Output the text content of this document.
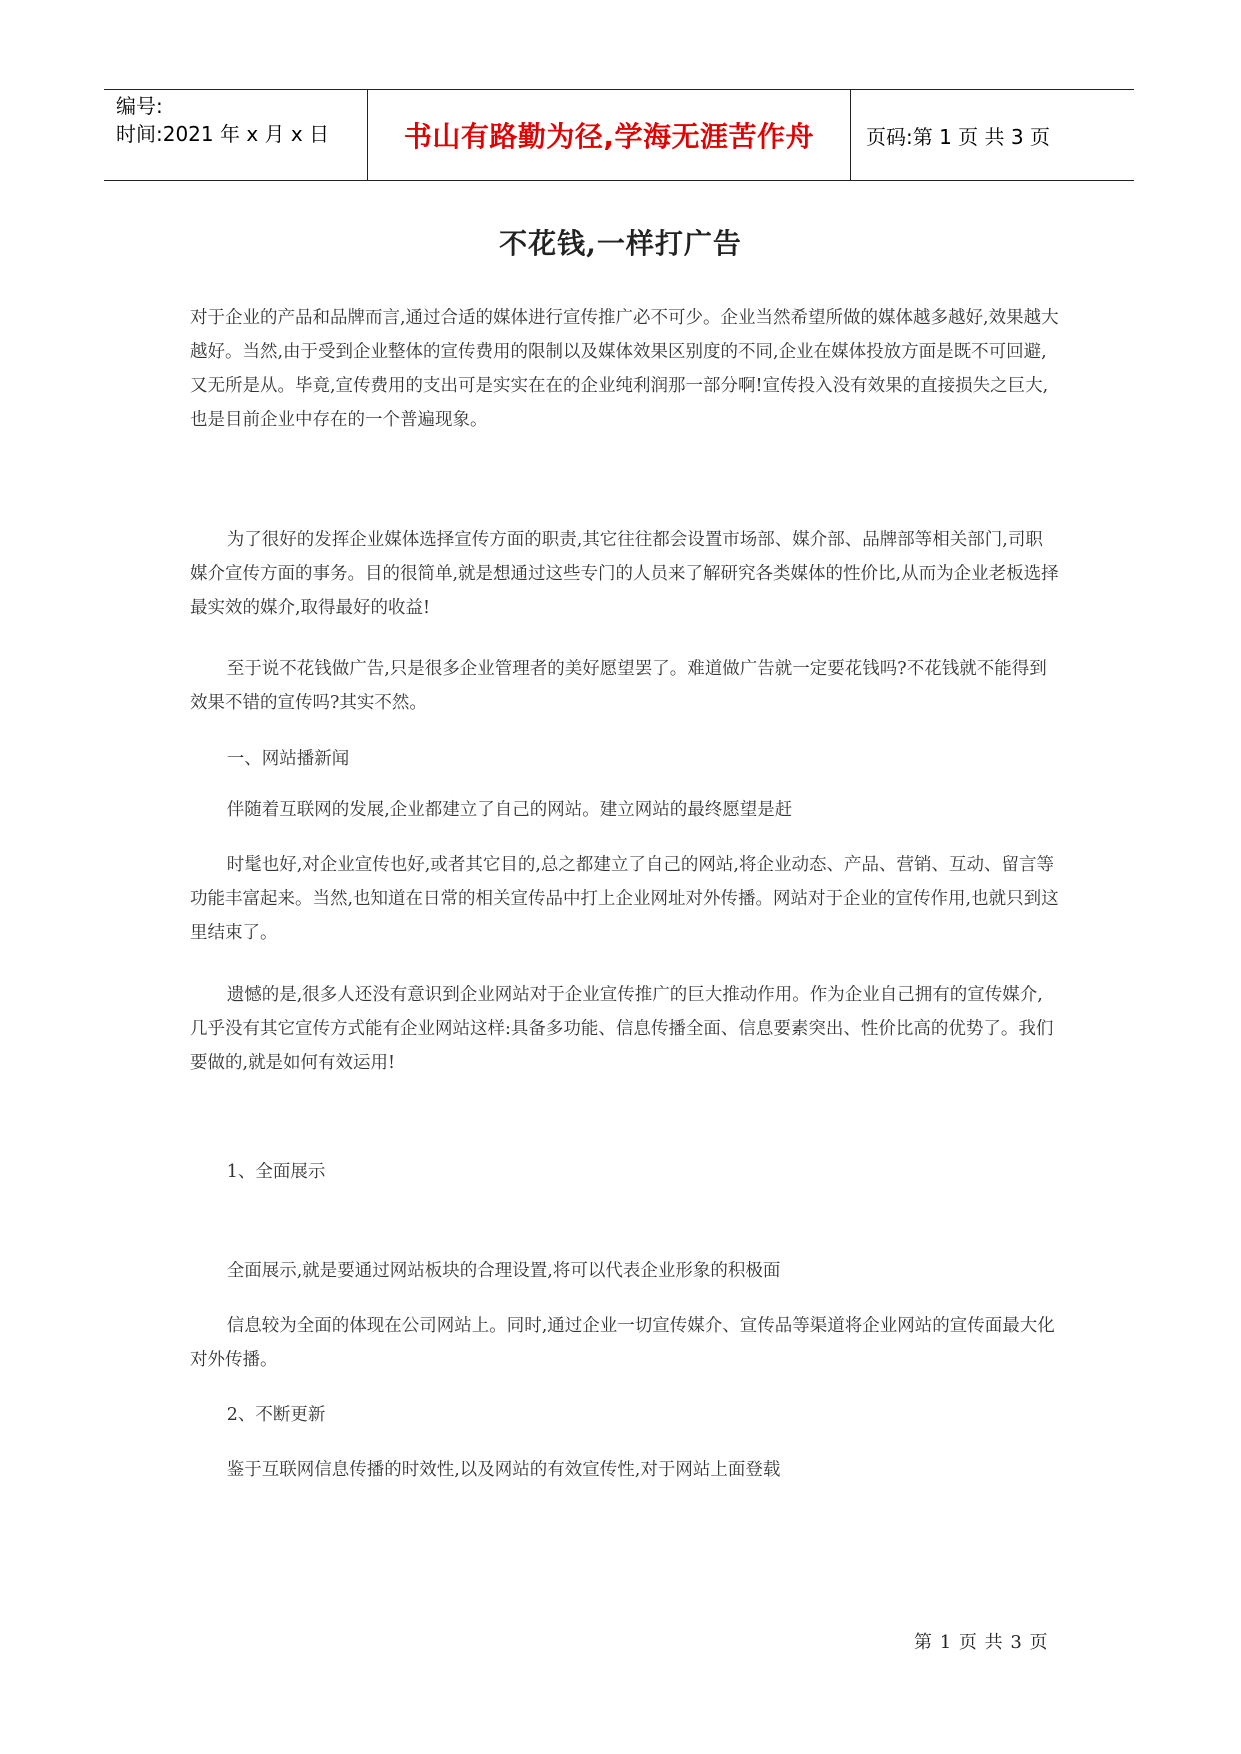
编号:
时间:2021 年 x 月 x 日	书山有路勤为径,学海无涯苦作舟	页码:第 1 页 共 3 页
不花钱,一样打广告

对于企业的产品和品牌而言,通过合适的媒体进行宣传推广必不可少。企业当然希望所做的媒体越多越好,效果越大越好。当然,由于受到企业整体的宣传费用的限制以及媒体效果区别度的不同,企业在媒体投放方面是既不可回避,又无所是从。毕竟,宣传费用的支出可是实实在在的企业纯利润那一部分啊!宣传投入没有效果的直接损失之巨大,也是目前企业中存在的一个普遍现象。

为了很好的发挥企业媒体选择宣传方面的职责,其它往往都会设置市场部、媒介部、品牌部等相关部门,司职媒介宣传方面的事务。目的很简单,就是想通过这些专门的人员来了解研究各类媒体的性价比,从而为企业老板选择最实效的媒介,取得最好的收益!

至于说不花钱做广告,只是很多企业管理者的美好愿望罢了。难道做广告就一定要花钱吗?不花钱就不能得到效果不错的宣传吗?其实不然。

一、网站播新闻

伴随着互联网的发展,企业都建立了自己的网站。建立网站的最终愿望是赶

时髦也好,对企业宣传也好,或者其它目的,总之都建立了自己的网站,将企业动态、产品、营销、互动、留言等功能丰富起来。当然,也知道在日常的相关宣传品中打上企业网址对外传播。网站对于企业的宣传作用,也就只到这里结束了。

遗憾的是,很多人还没有意识到企业网站对于企业宣传推广的巨大推动作用。作为企业自己拥有的宣传媒介,几乎没有其它宣传方式能有企业网站这样:具备多功能、信息传播全面、信息要素突出、性价比高的优势了。我们要做的,就是如何有效运用!

1、全面展示

全面展示,就是要通过网站板块的合理设置,将可以代表企业形象的积极面

信息较为全面的体现在公司网站上。同时,通过企业一切宣传媒介、宣传品等渠道将企业网站的宣传面最大化对外传播。

2、不断更新

鉴于互联网信息传播的时效性,以及网站的有效宣传性,对于网站上面登载

第 1 页 共 3 页
